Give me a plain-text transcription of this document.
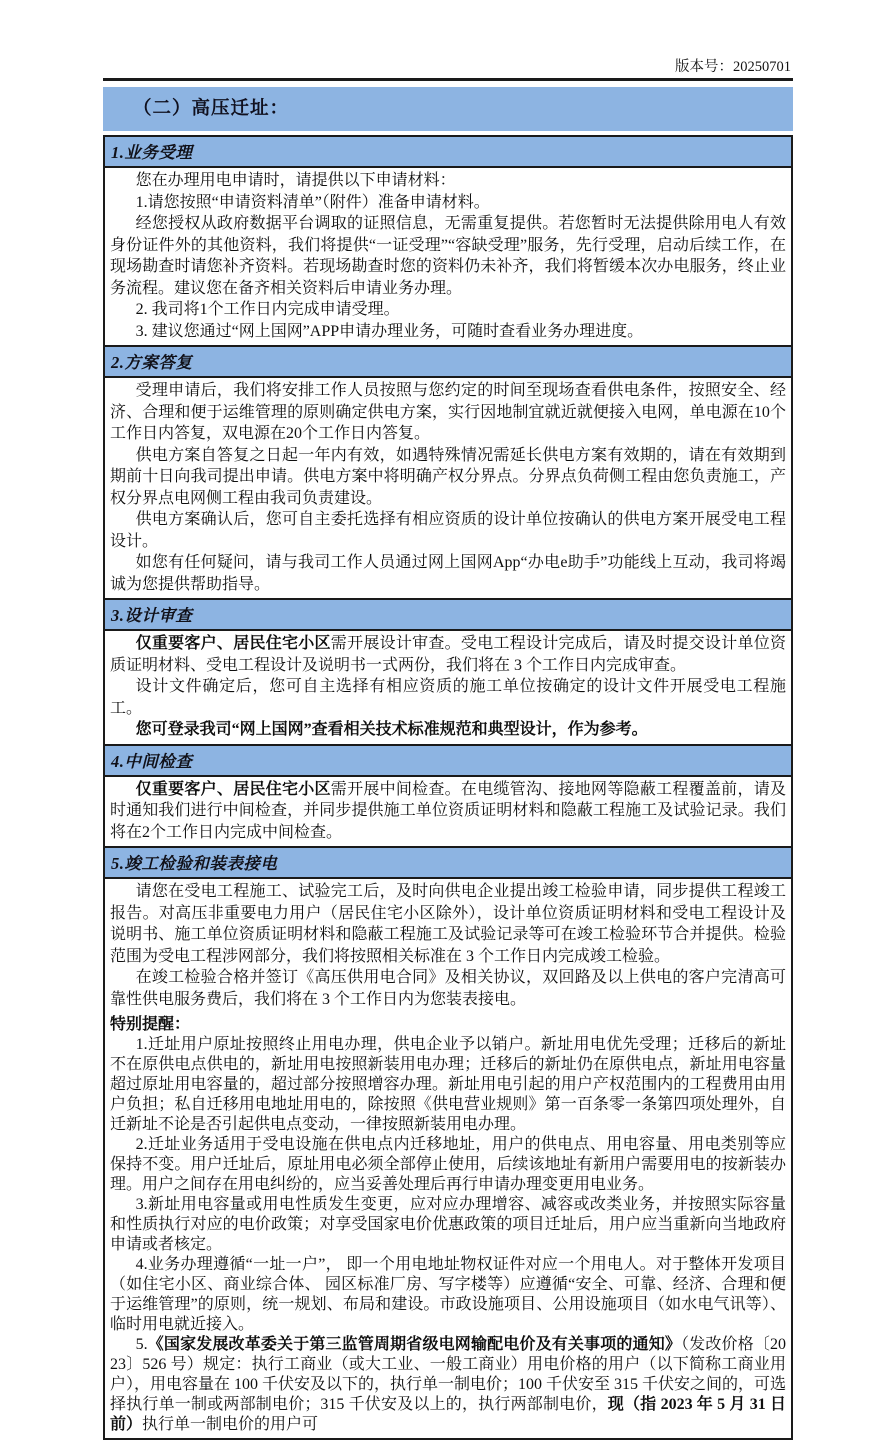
版本号：20250701
（二）高压迁址：
1.业务受理

您在办理用电申请时，请提供以下申请材料：

1.请您按照“申请资料清单”（附件）准备申请材料。

经您授权从政府数据平台调取的证照信息，无需重复提供。若您暂时无法提供除用电人有效身份证件外的其他资料，我们将提供“一证受理”“容缺受理”服务，先行受理，启动后续工作，在现场勘查时请您补齐资料。若现场勘查时您的资料仍未补齐，我们将暂缓本次办电服务，终止业务流程。建议您在备齐相关资料后申请业务办理。

2. 我司将1个工作日内完成申请受理。

3. 建议您通过“网上国网”APP申请办理业务，可随时查看业务办理进度。

2.方案答复

受理申请后，我们将安排工作人员按照与您约定的时间至现场查看供电条件，按照安全、经济、合理和便于运维管理的原则确定供电方案，实行因地制宜就近就便接入电网，单电源在10个工作日内答复，双电源在20个工作日内答复。

供电方案自答复之日起一年内有效，如遇特殊情况需延长供电方案有效期的，请在有效期到期前十日向我司提出申请。供电方案中将明确产权分界点。分界点负荷侧工程由您负责施工，产权分界点电网侧工程由我司负责建设。

供电方案确认后，您可自主委托选择有相应资质的设计单位按确认的供电方案开展受电工程设计。

如您有任何疑问，请与我司工作人员通过网上国网App“办电e助手”功能线上互动，我司将竭诚为您提供帮助指导。

3.设计审查

仅重要客户、居民住宅小区需开展设计审查。受电工程设计完成后，请及时提交设计单位资质证明材料、受电工程设计及说明书一式两份，我们将在 3 个工作日内完成审查。

设计文件确定后，您可自主选择有相应资质的施工单位按确定的设计文件开展受电工程施工。

您可登录我司“网上国网”查看相关技术标准规范和典型设计，作为参考。

4.中间检查

仅重要客户、居民住宅小区需开展中间检查。在电缆管沟、接地网等隐蔽工程覆盖前，请及时通知我们进行中间检查，并同步提供施工单位资质证明材料和隐蔽工程施工及试验记录。我们将在2个工作日内完成中间检查。

5.竣工检验和装表接电

请您在受电工程施工、试验完工后，及时向供电企业提出竣工检验申请，同步提供工程竣工报告。对高压非重要电力用户（居民住宅小区除外），设计单位资质证明材料和受电工程设计及说明书、施工单位资质证明材料和隐蔽工程施工及试验记录等可在竣工检验环节合并提供。检验范围为受电工程涉网部分，我们将按照相关标准在 3 个工作日内完成竣工检验。

在竣工检验合格并签订《高压供用电合同》及相关协议，双回路及以上供电的客户完清高可靠性供电服务费后，我们将在 3 个工作日内为您装表接电。

特别提醒：

1.迁址用户原址按照终止用电办理，供电企业予以销户。新址用电优先受理；迁移后的新址不在原供电点供电的，新址用电按照新装用电办理；迁移后的新址仍在原供电点，新址用电容量超过原址用电容量的，超过部分按照增容办理。新址用电引起的用户产权范围内的工程费用由用户负担；私自迁移用电地址用电的，除按照《供电营业规则》第一百条零一条第四项处理外，自迁新址不论是否引起供电点变动，一律按照新装用电办理。

2.迁址业务适用于受电设施在供电点内迁移地址，用户的供电点、用电容量、用电类别等应保持不变。用户迁址后，原址用电必须全部停止使用，后续该地址有新用户需要用电的按新装办理。用户之间存在用电纠纷的，应当妥善处理后再行申请办理变更用电业务。

3.新址用电容量或用电性质发生变更，应对应办理增容、减容或改类业务，并按照实际容量和性质执行对应的电价政策；对享受国家电价优惠政策的项目迁址后，用户应当重新向当地政府申请或者核定。

4.业务办理遵循“一址一户”， 即一个用电地址物权证件对应一个用电人。对于整体开发项目（如住宅小区、商业综合体、 园区标准厂房、写字楼等）应遵循“安全、可靠、经济、合理和便于运维管理”的原则，统一规划、布局和建设。市政设施项目、公用设施项目（如水电气讯等）、临时用电就近接入。

5.《国家发展改革委关于第三监管周期省级电网输配电价及有关事项的通知》（发改价格〔2023〕526 号）规定：执行工商业（或大工业、一般工商业）用电价格的用户（以下简称工商业用户），用电容量在 100 千伏安及以下的，执行单一制电价；100 千伏安至 315 千伏安之间的，可选择执行单一制或两部制电价；315 千伏安及以上的，执行两部制电价，现（指 2023 年 5 月 31 日前）执行单一制电价的用户可
